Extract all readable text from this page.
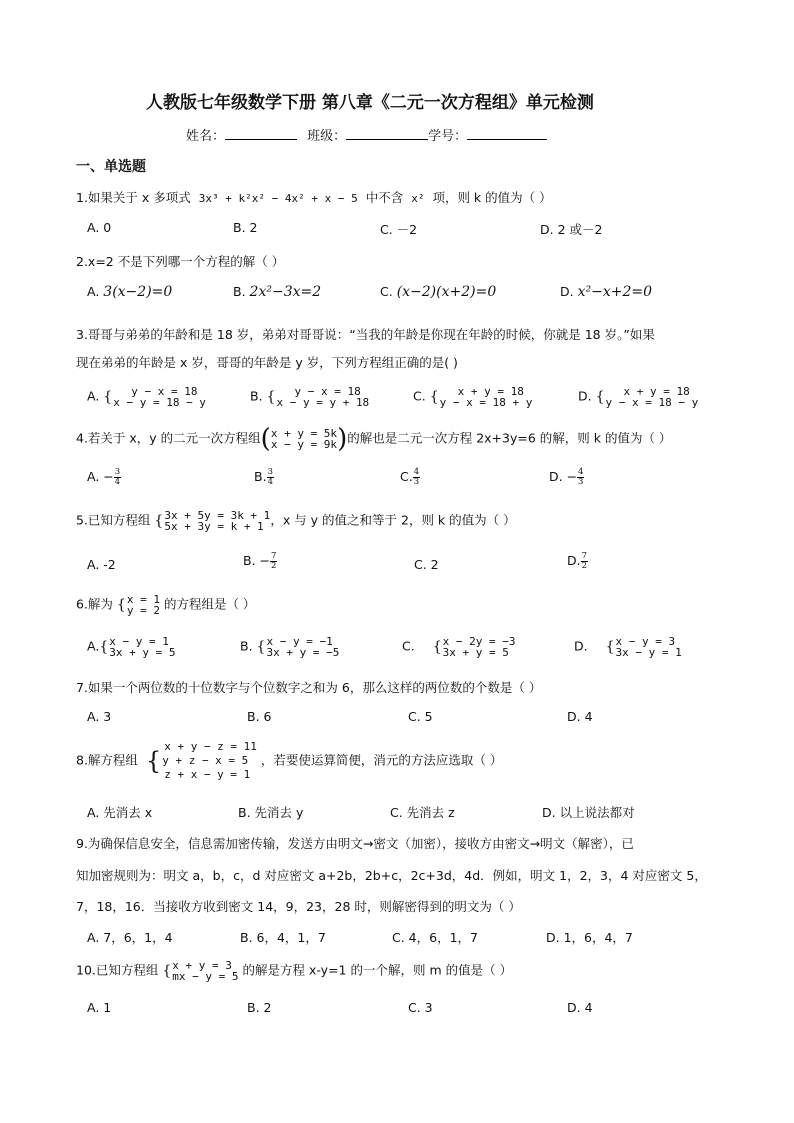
人教版七年级数学下册 第八章《二元一次方程组》单元检测
姓名：	班级：	学号：
一、单选题
1.如果关于 x 多项式 3x³ + k²x² − 4x² + x − 5 中不含 x² 项，则 k 的值为（ ）
A. 0	B. 2	C. －2	D. 2 或－2
2.x=2 不是下列哪一个方程的解（ ）
A. 3(x−2)=0	B. 2x²−3x=2	C. (x−2)(x+2)=0	D. x²−x+2=0
3.哥哥与弟弟的年龄和是 18 岁，弟弟对哥哥说：“当我的年龄是你现在年龄的时候，你就是 18 岁。”如果
现在弟弟的年龄是 x 岁，哥哥的年龄是 y 岁，下列方程组正确的是( )
A. {	y − x = 18
x − y = 18 − y	B. {	y − x = 18
x − y = y + 18	C. {	x + y = 18
y − x = 18 + y	D. {	x + y = 18
y − x = 18 − y
4.若关于 x，y 的二元一次方程组 ( x + y = 5k
x − y = 9k ) 的解也是二元一次方程 2x+3y=6 的解，则 k 的值为（ ）
A. − $\frac{3}{4}$	B. $\frac{3}{4}$	C. $\frac{4}{3}$	D. − $\frac{4}{3}$
5.已知方程组 { 3x + 5y = 3k + 1
5x + 3y = k + 1 ，x 与 y 的值之和等于 2，则 k 的值为（ ）
A. -2	B. − $\frac{7}{2}$	C. 2	D. $\frac{7}{2}$
6.解为 { x = 1
y = 2 的方程组是（ ）
A. { x − y = 1
3x + y = 5	B. { x − y = −1
3x + y = −5	C. { x − 2y = −3
3x + y = 5	D. { x − y = 3
3x − y = 1
7.如果一个两位数的十位数字与个位数字之和为 6，那么这样的两位数的个数是（ ）
A. 3	B. 6	C. 5	D. 4
8.解方程组 {
x + y − z = 11
y + z − x = 5
z + x − y = 1
，若要使运算简便，消元的方法应选取（ ）
A. 先消去 x	B. 先消去 y	C. 先消去 z	D. 以上说法都对
9.为确保信息安全，信息需加密传输，发送方由明文→密文（加密），接收方由密文→明文（解密），已
知加密规则为：明文 a，b，c，d 对应密文 a+2b，2b+c，2c+3d，4d．例如，明文 1，2，3，4 对应密文 5，
7，18，16．当接收方收到密文 14，9，23，28 时，则解密得到的明文为（ ）
A. 7，6，1，4	B. 6，4，1，7	C. 4，6，1，7	D. 1，6，4，7
10.已知方程组 { x + y = 3
mx − y = 5 的解是方程 x-y=1 的一个解，则 m 的值是（ ）
A. 1	B. 2	C. 3	D. 4
